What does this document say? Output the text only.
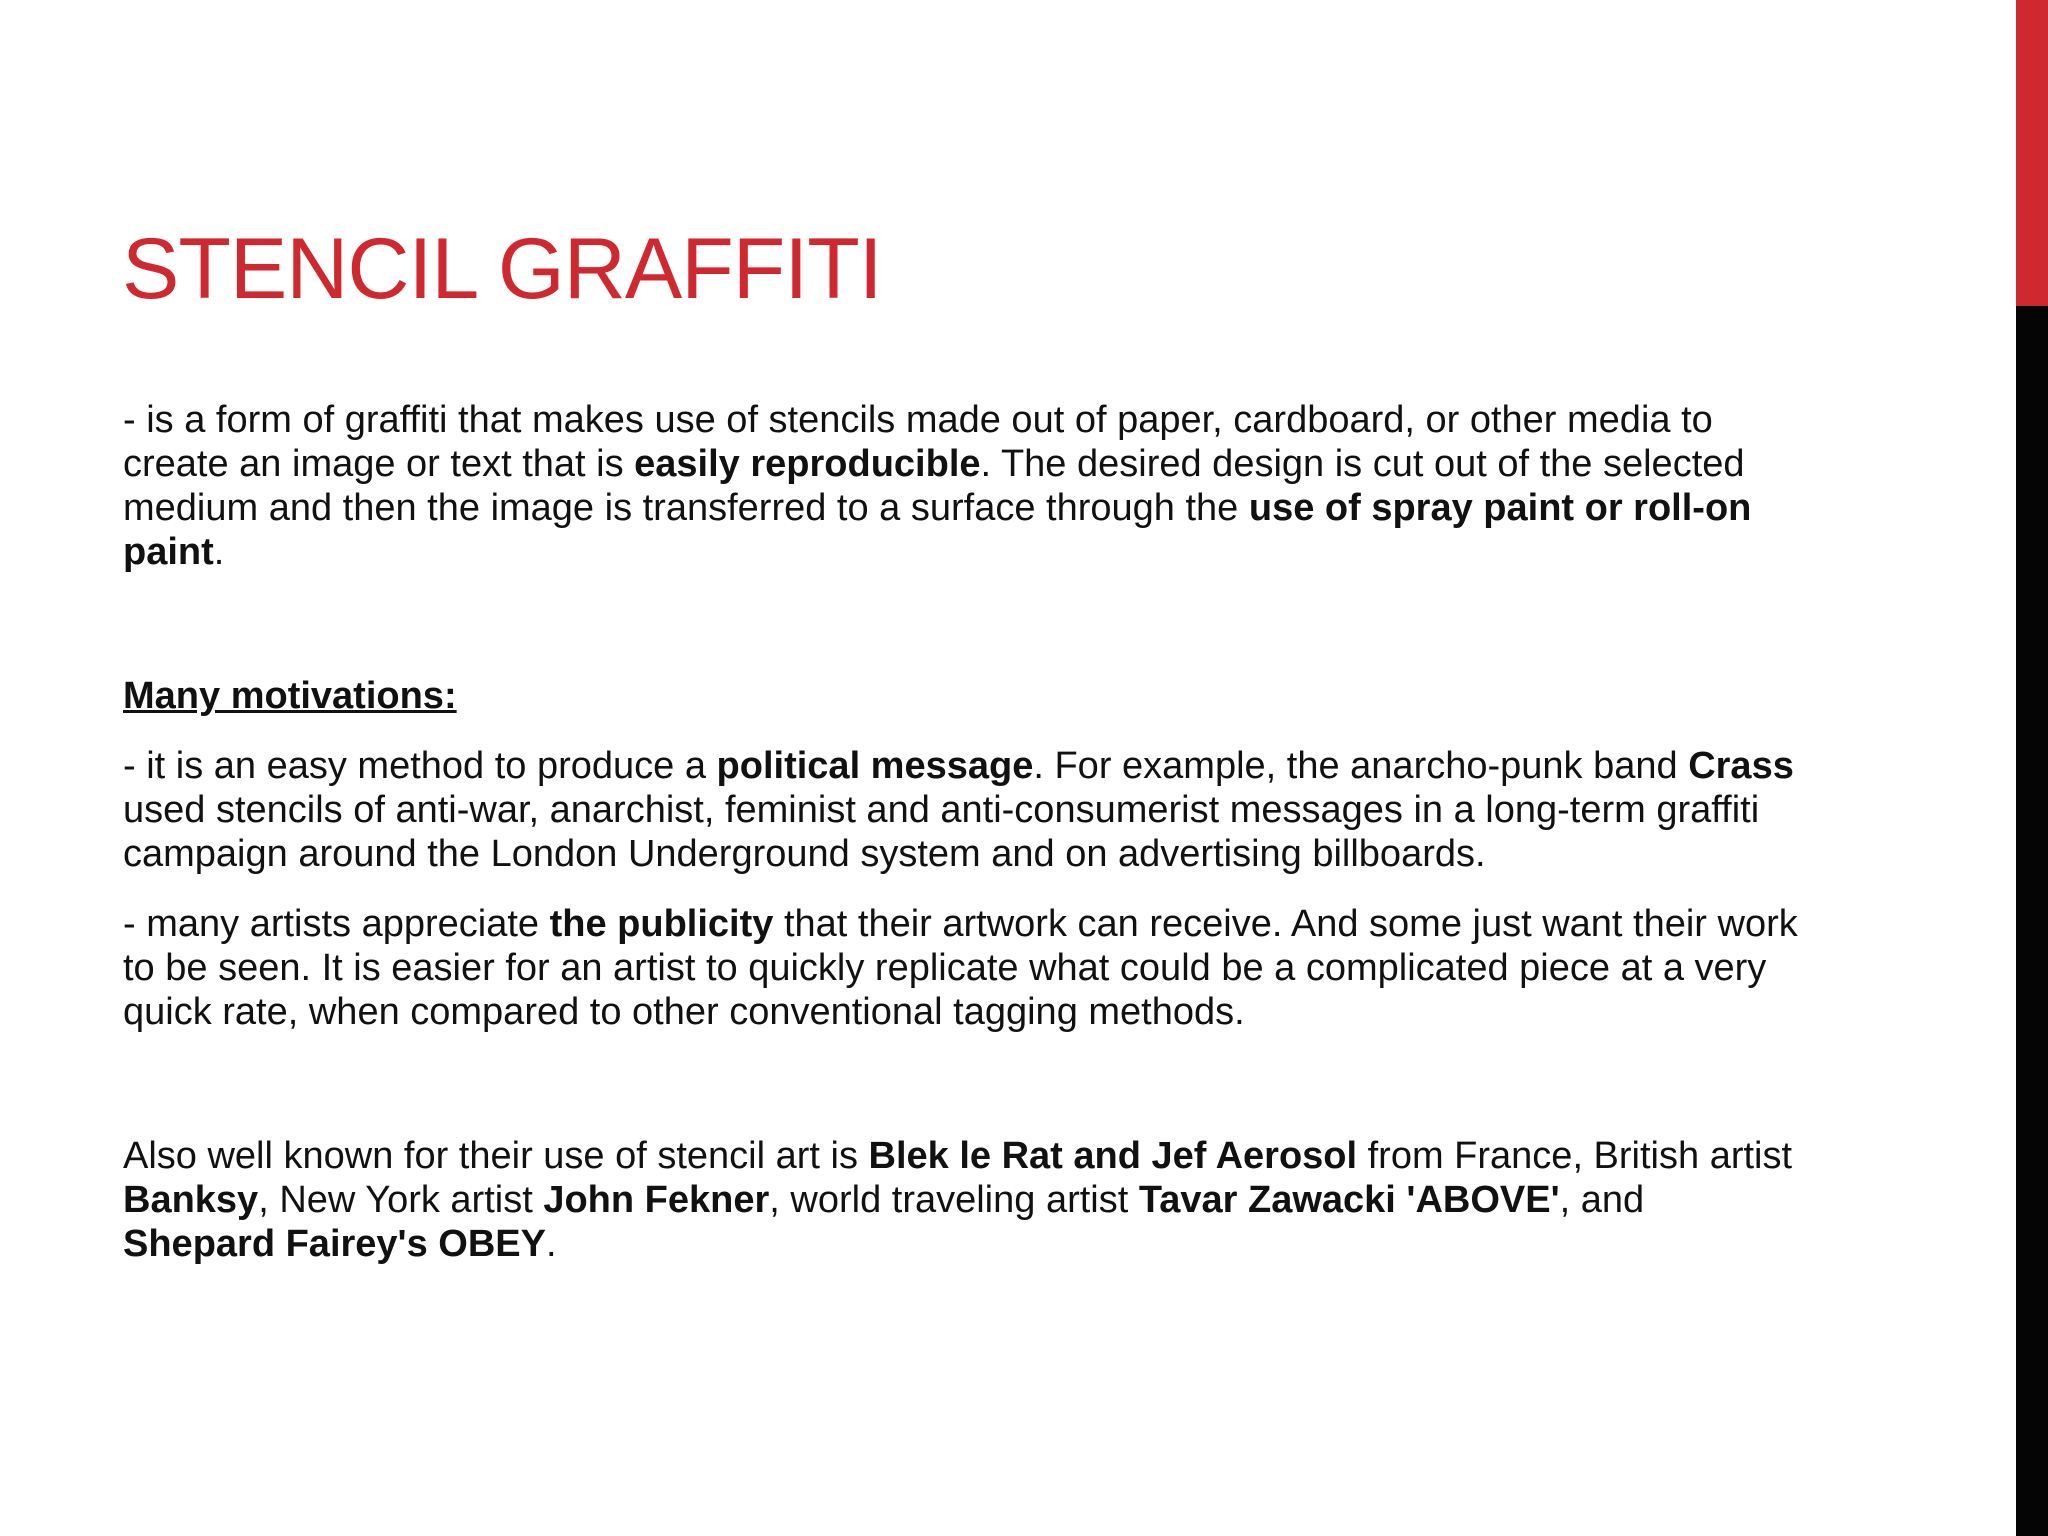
STENCIL GRAFFITI

- is a form of graffiti that makes use of stencils made out of paper, cardboard, or other media to create an image or text that is easily reproducible. The desired design is cut out of the selected medium and then the image is transferred to a surface through the use of spray paint or roll-on paint.

Many motivations:

- it is an easy method to produce a political message. For example, the anarcho-punk band Crass used stencils of anti-war, anarchist, feminist and anti-consumerist messages in a long-term graffiti campaign around the London Underground system and on advertising billboards.

- many artists appreciate the publicity that their artwork can receive. And some just want their work to be seen. It is easier for an artist to quickly replicate what could be a complicated piece at a very quick rate, when compared to other conventional tagging methods.

Also well known for their use of stencil art is Blek le Rat and Jef Aerosol from France, British artist Banksy, New York artist John Fekner, world traveling artist Tavar Zawacki 'ABOVE', and Shepard Fairey's OBEY.
